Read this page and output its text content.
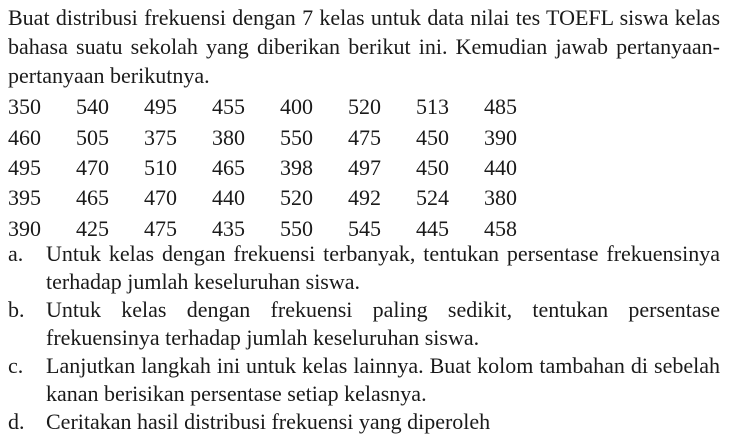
Buat distribusi frekuensi dengan 7 kelas untuk data nilai tes TOEFL siswa kelas bahasa suatu sekolah yang diberikan berikut ini. Kemudian jawab pertanyaan-pertanyaan berikutnya.

350	540	495	455	400	520	513	485
460	505	375	380	550	475	450	390
495	470	510	465	398	497	450	440
395	465	470	440	520	492	524	380
390	425	475	435	550	545	445	458
a.	Untuk kelas dengan frekuensi terbanyak, tentukan persentase frekuensinya terhadap jumlah keseluruhan siswa.
b. Untuk kelas dengan frekuensi paling sedikit, tentukan persentase frekuensinya terhadap jumlah keseluruhan siswa.
c.	Lanjutkan langkah ini untuk kelas lainnya. Buat kolom tambahan di sebelah kanan berisikan persentase setiap kelasnya.
d. Ceritakan hasil distribusi frekuensi yang diperoleh
